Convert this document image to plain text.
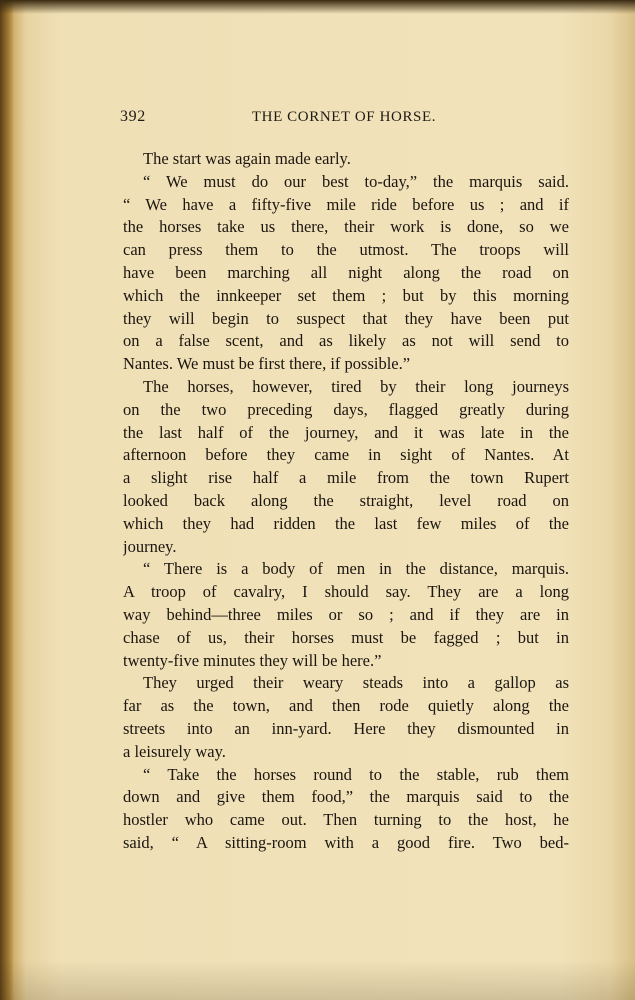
392	THE CORNET OF HORSE.
The start was again made early.
“ We must do our best to-day,” the marquis said.
“ We have a fifty-five mile ride before us ; and if
the horses take us there, their work is done, so we
can press them to the utmost. The troops will
have been marching all night along the road on
which the innkeeper set them ; but by this morning
they will begin to suspect that they have been put
on a false scent, and as likely as not will send to
Nantes. We must be first there, if possible.”
The horses, however, tired by their long journeys
on the two preceding days, flagged greatly during
the last half of the journey, and it was late in the
afternoon before they came in sight of Nantes. At
a slight rise half a mile from the town Rupert
looked back along the straight, level road on
which they had ridden the last few miles of the
journey.
“ There is a body of men in the distance, marquis.
A troop of cavalry, I should say. They are a long
way behind—three miles or so ; and if they are in
chase of us, their horses must be fagged ; but in
twenty-five minutes they will be here.”
They urged their weary steads into a gallop as
far as the town, and then rode quietly along the
streets into an inn-yard. Here they dismounted in
a leisurely way.
“ Take the horses round to the stable, rub them
down and give them food,” the marquis said to the
hostler who came out. Then turning to the host, he
said, “ A sitting-room with a good fire. Two bed-
